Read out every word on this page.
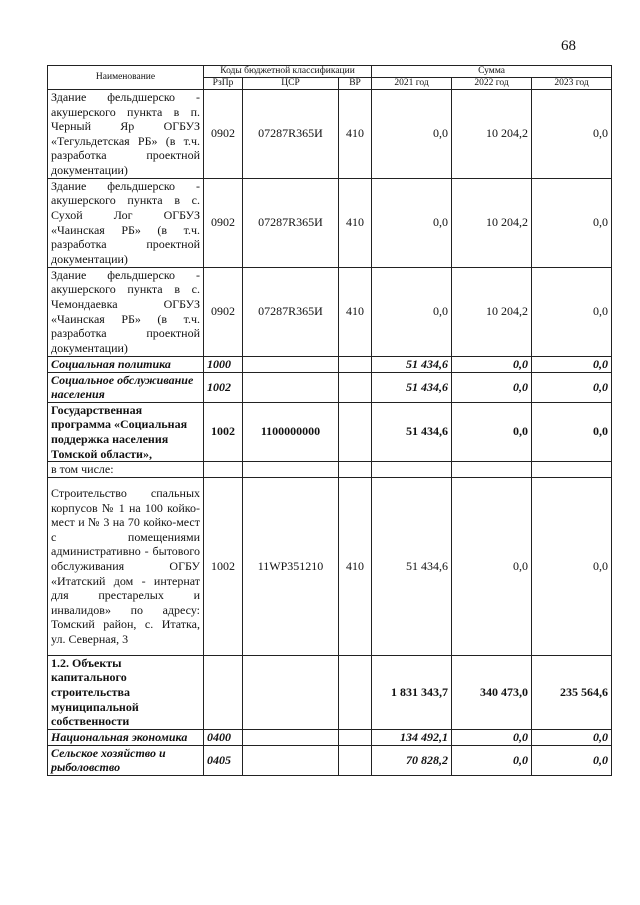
68
Наименование	Коды бюджетной классификации			Сумма		
	РзПр	ЦСР	ВР	2021 год	2022 год	2023 год
Здание фельдшерско - акушерского пункта в п. Черный Яр ОГБУЗ «Тегульдетская РБ» (в т.ч. разработка проектной документации)	0902	07287R365И	410	0,0	10 204,2	0,0
Здание фельдшерско - акушерского пункта в с. Сухой Лог ОГБУЗ «Чаинская РБ» (в т.ч. разработка проектной документации)	0902	07287R365И	410	0,0	10 204,2	0,0
Здание фельдшерско - акушерского пункта в с. Чемондаевка ОГБУЗ «Чаинская РБ» (в т.ч. разработка проектной документации)	0902	07287R365И	410	0,0	10 204,2	0,0
Социальная политика	1000			51 434,6	0,0	0,0
Социальное обслуживание населения	1002			51 434,6	0,0	0,0
Государственная программа «Социальная поддержка населения Томской области»,	1002	1100000000		51 434,6	0,0	0,0
в том числе:						
Строительство спальных корпусов № 1 на 100 койко-мест и № 3 на 70 койко-мест с помещениями административно - бытового обслуживания ОГБУ «Итатский дом - интернат для престарелых и инвалидов» по адресу: Томский район, с. Итатка, ул. Северная, 3	1002	11WP351210	410	51 434,6	0,0	0,0
1.2. Объекты капитального строительства муниципальной собственности				1 831 343,7	340 473,0	235 564,6
Национальная экономика	0400			134 492,1	0,0	0,0
Сельское хозяйство и рыболовство	0405			70 828,2	0,0	0,0
